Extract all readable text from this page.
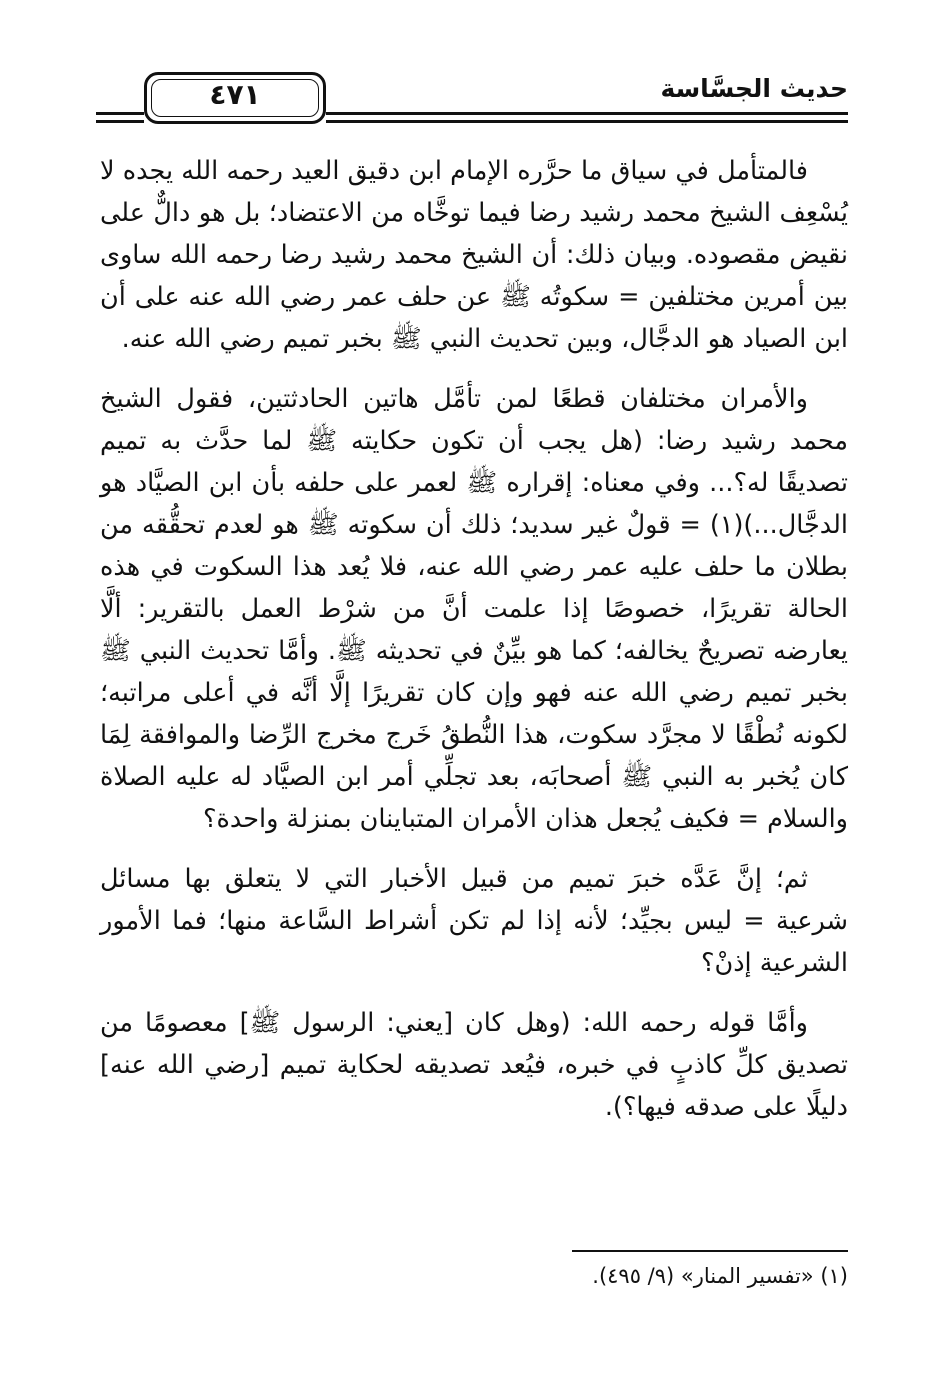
حديث الجسَّاسة
٤٧١

فالمتأمل في سياق ما حرَّره الإمام ابن دقيق العيد رحمه الله يجده لا يُسْعِف الشيخ محمد رشيد رضا فيما توخَّاه من الاعتضاد؛ بل هو دالٌّ على نقيض مقصوده. وبيان ذلك: أن الشيخ محمد رشيد رضا رحمه الله ساوى بين أمرين مختلفين = سكوتُه ﷺ عن حلف عمر رضي الله عنه على أن ابن الصياد هو الدجَّال، وبين تحديث النبي ﷺ بخبر تميم رضي الله عنه.

والأمران مختلفان قطعًا لمن تأمَّل هاتين الحادثتين، فقول الشيخ محمد رشيد رضا: (هل يجب أن تكون حكايته ﷺ لما حدَّث به تميم تصديقًا له؟... وفي معناه: إقراره ﷺ لعمر على حلفه بأن ابن الصيَّاد هو الدجَّال...)(١) = قولٌ غير سديد؛ ذلك أن سكوته ﷺ هو لعدم تحقُّقه من بطلان ما حلف عليه عمر رضي الله عنه، فلا يُعد هذا السكوت في هذه الحالة تقريرًا، خصوصًا إذا علمت أنَّ من شرْط العمل بالتقرير: ألَّا يعارضه تصريحٌ يخالفه؛ كما هو بيِّنٌ في تحديثه ﷺ. وأمَّا تحديث النبي ﷺ بخبر تميم رضي الله عنه فهو وإن كان تقريرًا إلَّا أنَّه في أعلى مراتبه؛ لكونه نُطْقًا لا مجرَّد سكوت، هذا النُّطقُ خَرج مخرج الرِّضا والموافقة لِمَا كان يُخبر به النبي ﷺ أصحابَه، بعد تجلِّي أمر ابن الصيَّاد له عليه الصلاة والسلام = فكيف يُجعل هذان الأمران المتباينان بمنزلة واحدة؟

ثم؛ إنَّ عَدَّه خبرَ تميم من قبيل الأخبار التي لا يتعلق بها مسائل شرعية = ليس بجيِّد؛ لأنه إذا لم تكن أشراط السَّاعة منها؛ فما الأمور الشرعية إذنْ؟

وأمَّا قوله رحمه الله: (وهل كان [يعني: الرسول ﷺ] معصومًا من تصديق كلِّ كاذبٍ في خبره، فيُعد تصديقه لحكاية تميم [رضي الله عنه] دليلًا على صدقه فيها؟).

(١) «تفسير المنار» (٩/ ٤٩٥).
